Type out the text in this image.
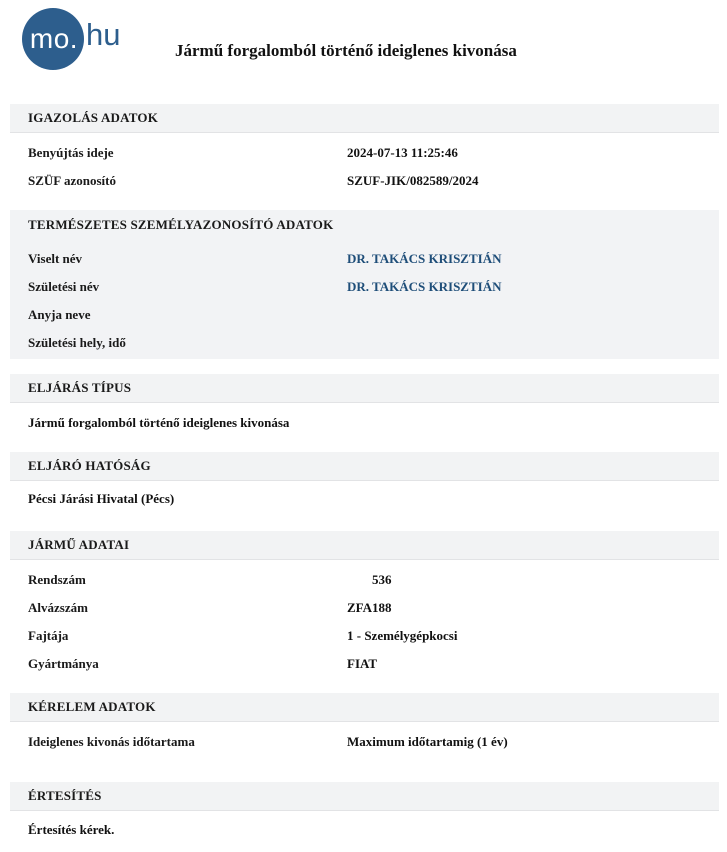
mo. hu	Jármű forgalomból történő ideiglenes kivonása
IGAZOLÁS ADATOK
Benyújtás ideje	2024-07-13 11:25:46
SZÜF azonosító	SZUF-JIK/082589/2024
TERMÉSZETES SZEMÉLYAZONOSÍTÓ ADATOK
Viselt név	DR. TAKÁCS KRISZTIÁN
Születési név	DR. TAKÁCS KRISZTIÁN
Anyja neve
Születési hely, idő
ELJÁRÁS TÍPUS
Jármű forgalomból történő ideiglenes kivonása
ELJÁRÓ HATÓSÁG
Pécsi Járási Hivatal (Pécs)
JÁRMŰ ADATAI
Rendszám	536
Alvázszám	ZFA188
Fajtája	1 - Személygépkocsi
Gyártmánya	FIAT
KÉRELEM ADATOK
Ideiglenes kivonás időtartama	Maximum időtartamig (1 év)
ÉRTESÍTÉS
Értesítés kérek.
